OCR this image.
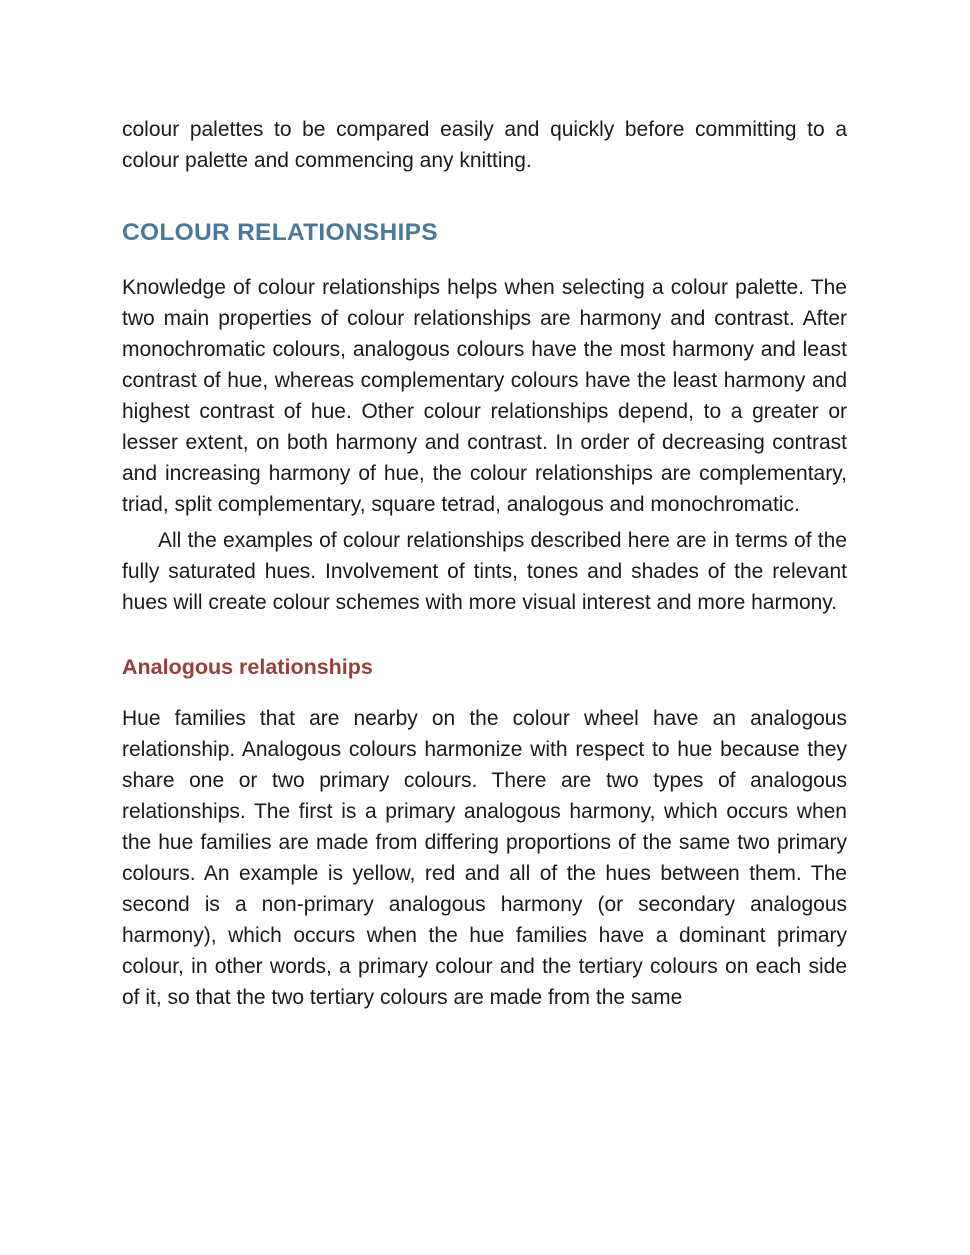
colour palettes to be compared easily and quickly before committing to a colour palette and commencing any knitting.

COLOUR RELATIONSHIPS

Knowledge of colour relationships helps when selecting a colour palette. The two main properties of colour relationships are harmony and contrast. After monochromatic colours, analogous colours have the most harmony and least contrast of hue, whereas complementary colours have the least harmony and highest contrast of hue. Other colour relationships depend, to a greater or lesser extent, on both harmony and contrast. In order of decreasing contrast and increasing harmony of hue, the colour relationships are complementary, triad, split complementary, square tetrad, analogous and monochromatic.

All the examples of colour relationships described here are in terms of the fully saturated hues. Involvement of tints, tones and shades of the relevant hues will create colour schemes with more visual interest and more harmony.

Analogous relationships

Hue families that are nearby on the colour wheel have an analogous relationship. Analogous colours harmonize with respect to hue because they share one or two primary colours. There are two types of analogous relationships. The first is a primary analogous harmony, which occurs when the hue families are made from differing proportions of the same two primary colours. An example is yellow, red and all of the hues between them. The second is a non-primary analogous harmony (or secondary analogous harmony), which occurs when the hue families have a dominant primary colour, in other words, a primary colour and the tertiary colours on each side of it, so that the two tertiary colours are made from the same
